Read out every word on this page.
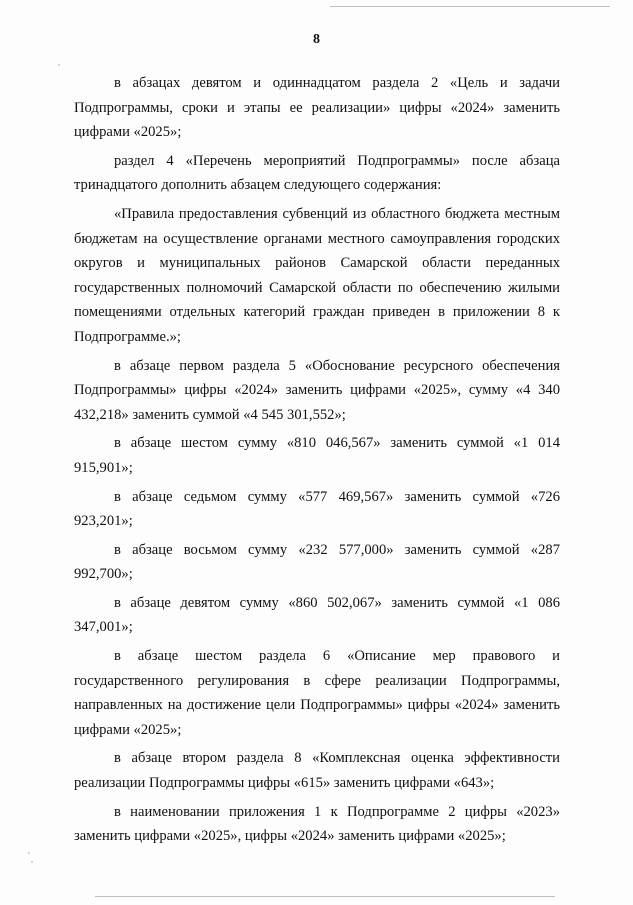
8

в абзацах девятом и одиннадцатом раздела 2 «Цель и задачи Подпрограммы, сроки и этапы ее реализации» цифры «2024» заменить цифрами «2025»;

раздел 4 «Перечень мероприятий Подпрограммы» после абзаца тринадцатого дополнить абзацем следующего содержания:

«Правила предоставления субвенций из областного бюджета местным бюджетам на осуществление органами местного самоуправления городских округов и муниципальных районов Самарской области переданных государственных полномочий Самарской области по обеспечению жилыми помещениями отдельных категорий граждан приведен в приложении 8 к Подпрограмме.»;

в абзаце первом раздела 5 «Обоснование ресурсного обеспечения Подпрограммы» цифры «2024» заменить цифрами «2025», сумму «4 340 432,218» заменить суммой «4 545 301,552»;

в абзаце шестом сумму «810 046,567» заменить суммой «1 014 915,901»;

в абзаце седьмом сумму «577 469,567» заменить суммой «726 923,201»;

в абзаце восьмом сумму «232 577,000» заменить суммой «287 992,700»;

в абзаце девятом сумму «860 502,067» заменить суммой «1 086 347,001»;

в абзаце шестом раздела 6 «Описание мер правового и государственного регулирования в сфере реализации Подпрограммы, направленных на достижение цели Подпрограммы» цифры «2024» заменить цифрами «2025»;

в абзаце втором раздела 8 «Комплексная оценка эффективности реализации Подпрограммы цифры «615» заменить цифрами «643»;

в наименовании приложения 1 к Подпрограмме 2 цифры «2023» заменить цифрами «2025», цифры «2024» заменить цифрами «2025»;
